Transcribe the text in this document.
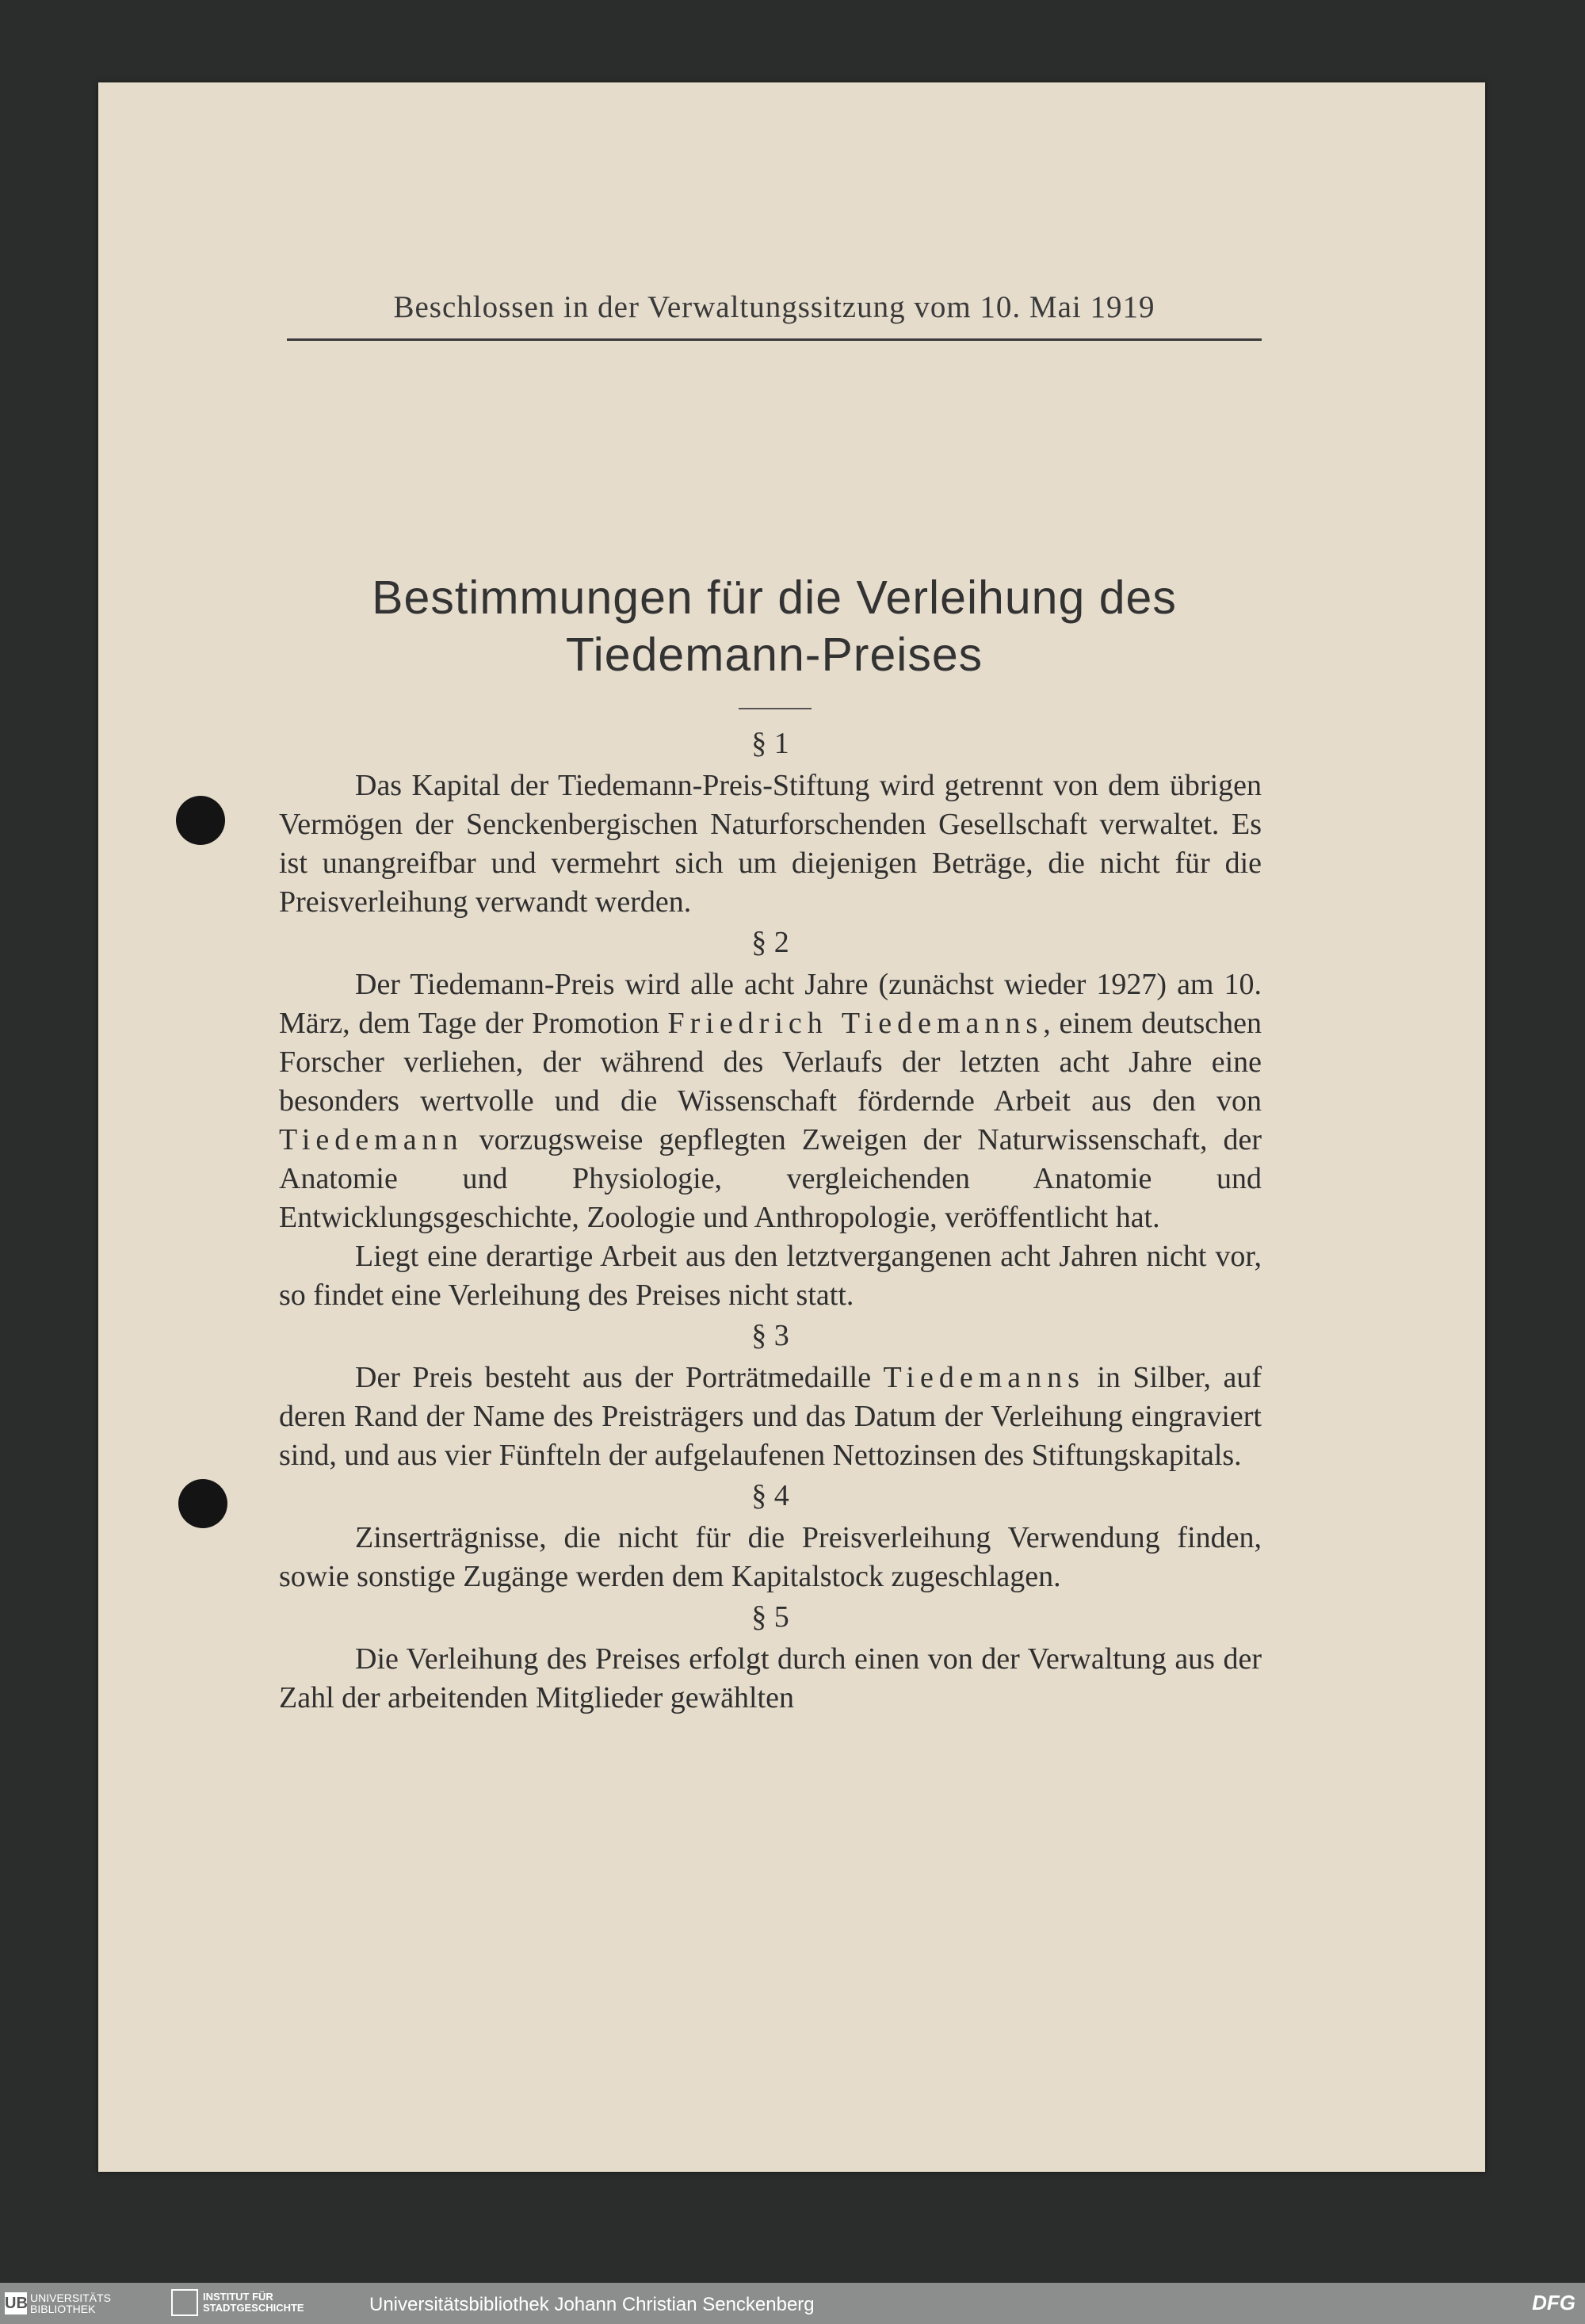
Beschlossen in der Verwaltungssitzung vom 10. Mai 1919
Bestimmungen für die Verleihung des
Tiedemann-Preises
§ 1

Das Kapital der Tiedemann-Preis-Stiftung wird getrennt von dem übrigen Vermögen der Senckenbergischen Naturforschenden Gesellschaft verwaltet. Es ist unangreifbar und vermehrt sich um diejenigen Beträge, die nicht für die Preisverleihung verwandt werden.

§ 2

Der Tiedemann-Preis wird alle acht Jahre (zunächst wieder 1927) am 10. März, dem Tage der Promotion Friedrich Tiedemanns, einem deutschen Forscher verliehen, der während des Verlaufs der letzten acht Jahre eine besonders wertvolle und die Wissenschaft fördernde Arbeit aus den von Tiedemann vorzugsweise gepflegten Zweigen der Naturwissenschaft, der Anatomie und Physiologie, vergleichenden Anatomie und Entwicklungsgeschichte, Zoologie und Anthropologie, veröffentlicht hat.

Liegt eine derartige Arbeit aus den letztvergangenen acht Jahren nicht vor, so findet eine Verleihung des Preises nicht statt.

§ 3

Der Preis besteht aus der Porträtmedaille Tiedemanns in Silber, auf deren Rand der Name des Preisträgers und das Datum der Verleihung eingraviert sind, und aus vier Fünfteln der aufgelaufenen Nettozinsen des Stiftungskapitals.

§ 4

Zinserträgnisse, die nicht für die Preisverleihung Verwendung finden, sowie sonstige Zugänge werden dem Kapitalstock zugeschlagen.

§ 5

Die Verleihung des Preises erfolgt durch einen von der Verwaltung aus der Zahl der arbeitenden Mitglieder gewählten

UB UNIVERSITÄTS
BIBLIOTHEK
INSTITUT FÜR
STADTGESCHICHTE	Universitätsbibliothek Johann Christian Senckenberg	DFG
